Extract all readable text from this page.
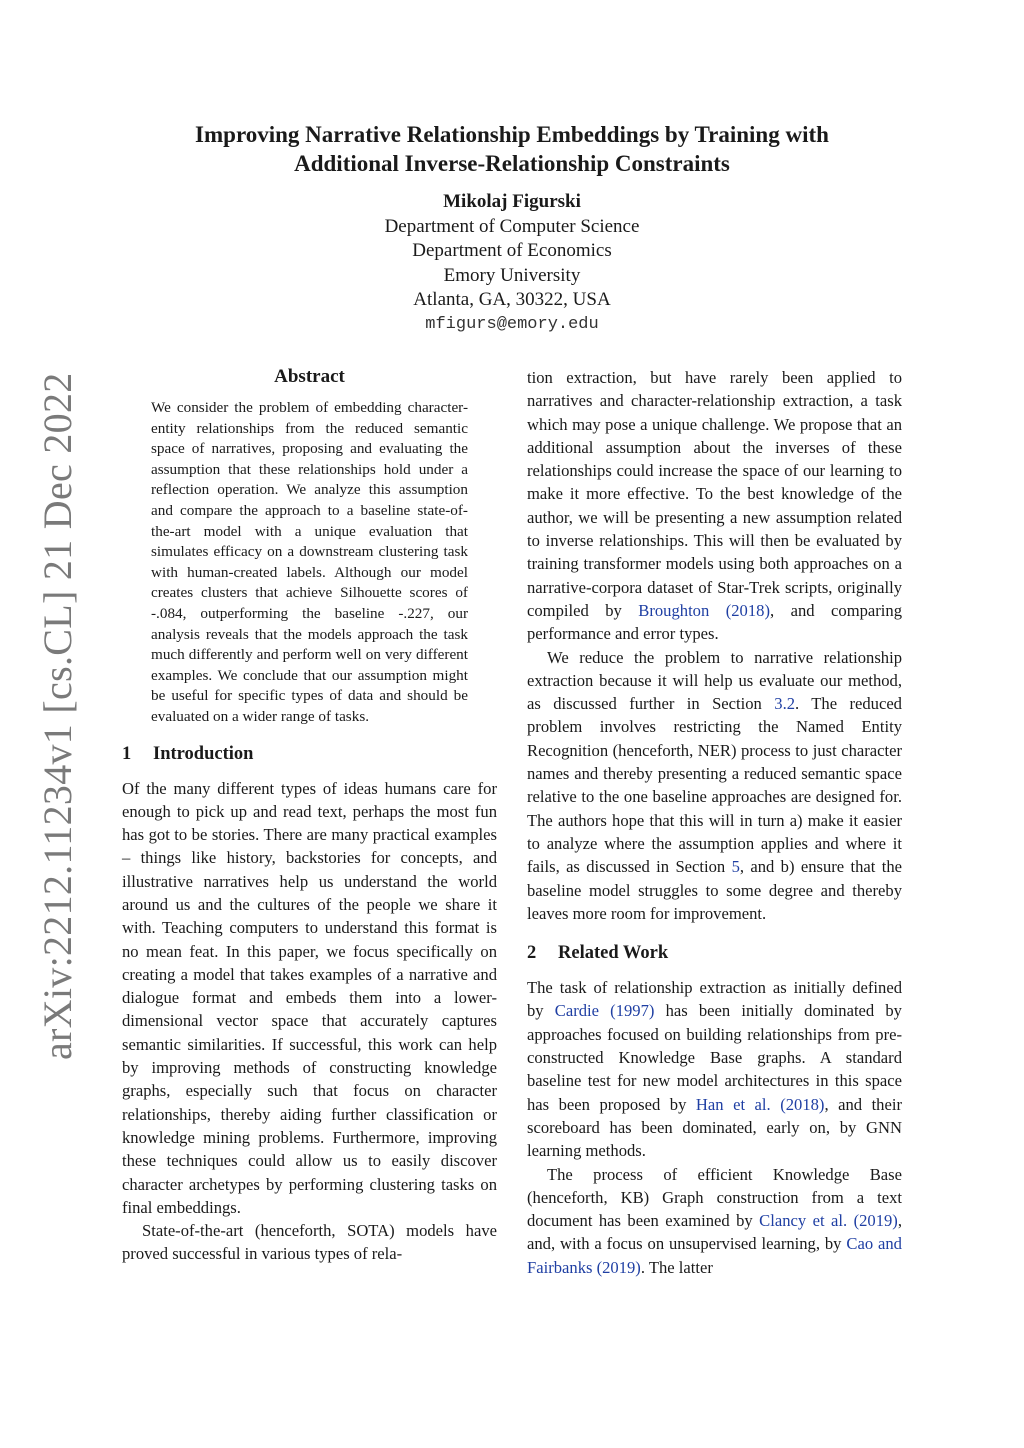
arXiv:2212.11234v1 [cs.CL] 21 Dec 2022
Improving Narrative Relationship Embeddings by Training with
Additional Inverse-Relationship Constraints
Mikolaj Figurski
Department of Computer Science
Department of Economics
Emory University
Atlanta, GA, 30322, USA
mfigurs@emory.edu
Abstract
We consider the problem of embedding character-entity relationships from the reduced semantic space of narratives, proposing and evaluating the assumption that these relationships hold under a reflection operation. We analyze this assumption and compare the approach to a baseline state-of-the-art model with a unique evaluation that simulates efficacy on a downstream clustering task with human-created labels. Although our model creates clusters that achieve Silhouette scores of -.084, outperforming the baseline -.227, our analysis reveals that the models approach the task much differently and perform well on very different examples. We conclude that our assumption might be useful for specific types of data and should be evaluated on a wider range of tasks.
1 Introduction

Of the many different types of ideas humans care for enough to pick up and read text, perhaps the most fun has got to be stories. There are many practical examples – things like history, backstories for concepts, and illustrative narratives help us understand the world around us and the cultures of the people we share it with. Teaching computers to understand this format is no mean feat. In this paper, we focus specifically on creating a model that takes examples of a narrative and dialogue format and embeds them into a lower-dimensional vector space that accurately captures semantic similarities. If successful, this work can help by improving methods of constructing knowledge graphs, especially such that focus on character relationships, thereby aiding further classification or knowledge mining problems. Furthermore, improving these techniques could allow us to easily discover character archetypes by performing clustering tasks on final embeddings.

State-of-the-art (henceforth, SOTA) models have proved successful in various types of rela-

tion extraction, but have rarely been applied to narratives and character-relationship extraction, a task which may pose a unique challenge. We propose that an additional assumption about the inverses of these relationships could increase the space of our learning to make it more effective. To the best knowledge of the author, we will be presenting a new assumption related to inverse relationships. This will then be evaluated by training transformer models using both approaches on a narrative-corpora dataset of Star-Trek scripts, originally compiled by Broughton (2018), and comparing performance and error types.

We reduce the problem to narrative relationship extraction because it will help us evaluate our method, as discussed further in Section 3.2. The reduced problem involves restricting the Named Entity Recognition (henceforth, NER) process to just character names and thereby presenting a reduced semantic space relative to the one baseline approaches are designed for. The authors hope that this will in turn a) make it easier to analyze where the assumption applies and where it fails, as discussed in Section 5, and b) ensure that the baseline model struggles to some degree and thereby leaves more room for improvement.

2 Related Work

The task of relationship extraction as initially defined by Cardie (1997) has been initially dominated by approaches focused on building relationships from pre-constructed Knowledge Base graphs. A standard baseline test for new model architectures in this space has been proposed by Han et al. (2018), and their scoreboard has been dominated, early on, by GNN learning methods.

The process of efficient Knowledge Base (henceforth, KB) Graph construction from a text document has been examined by Clancy et al. (2019), and, with a focus on unsupervised learning, by Cao and Fairbanks (2019). The latter
